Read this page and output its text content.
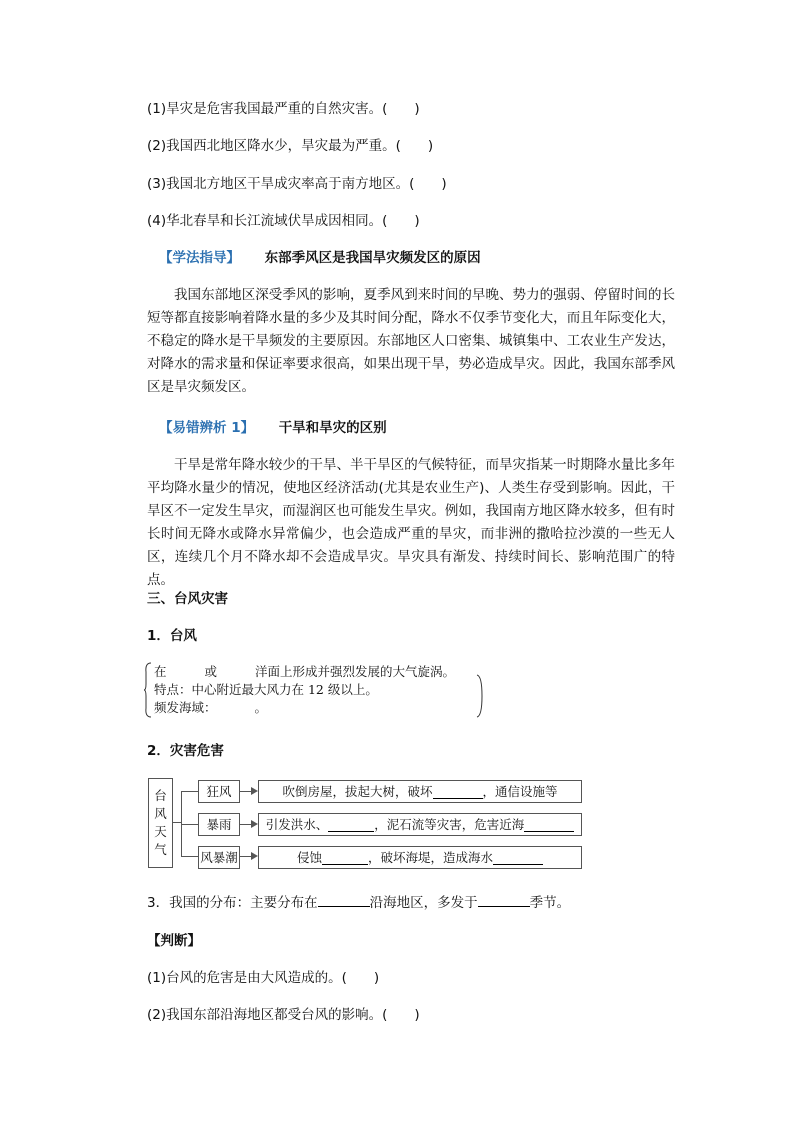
(1)旱灾是危害我国最严重的自然灾害。(　　)
(2)我国西北地区降水少，旱灾最为严重。(　　)
(3)我国北方地区干旱成灾率高于南方地区。(　　)
(4)华北春旱和长江流域伏旱成因相同。(　　)
【学法指导】 东部季风区是我国旱灾频发区的原因
我国东部地区深受季风的影响，夏季风到来时间的早晚、势力的强弱、停留时间的长短等都直接影响着降水量的多少及其时间分配，降水不仅季节变化大，而且年际变化大，不稳定的降水是干旱频发的主要原因。东部地区人口密集、城镇集中、工农业生产发达，对降水的需求量和保证率要求很高，如果出现干旱，势必造成旱灾。因此，我国东部季风区是旱灾频发区。
【易错辨析 1】 干旱和旱灾的区别
干旱是常年降水较少的干旱、半干旱区的气候特征，而旱灾指某一时期降水量比多年平均降水量少的情况，使地区经济活动(尤其是农业生产)、人类生存受到影响。因此，干旱区不一定发生旱灾，而湿润区也可能发生旱灾。例如，我国南方地区降水较多，但有时长时间无降水或降水异常偏少，也会造成严重的旱灾，而非洲的撒哈拉沙漠的一些无人区，连续几个月不降水却不会造成旱灾。旱灾具有渐发、持续时间长、影响范围广的特点。
三、台风灾害
1．台风
在	或	洋面上形成并强烈发展的大气旋涡。
特点：中心附近最大风力在 12 级以上。
频发海域：	。
2．灾害危害
台
风
天
气
狂风	吹倒房屋，拔起大树，破坏	，通信设施等
暴雨	引发洪水、	，泥石流等灾害，危害近海
风暴潮	侵蚀	，破坏海堤，造成海水
3．我国的分布：主要分布在	沿海地区，多发于	季节。
【判断】
(1)台风的危害是由大风造成的。(　　)
(2)我国东部沿海地区都受台风的影响。(　　)
